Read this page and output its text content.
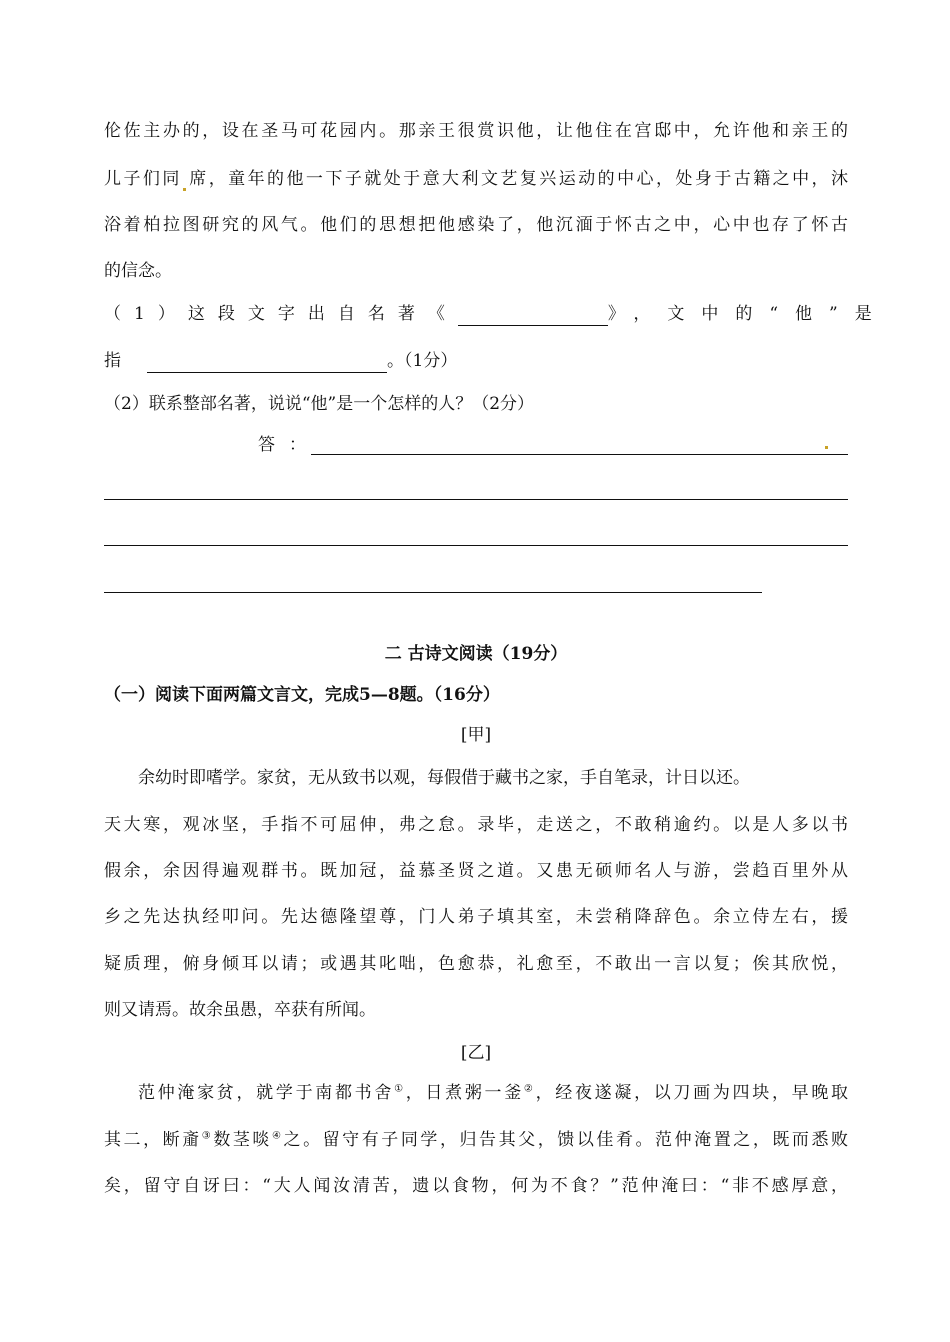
伦佐主办的，设在圣马可花园内。那亲王很赏识他，让他住在宫邸中，允许他和亲王的
儿子们同 席，童年的他一下子就处于意大利文艺复兴运动的中心，处身于古籍之中，沐
浴着柏拉图研究的风气。他们的思想把他感染了，他沉湎于怀古之中，心中也存了怀古
的信念。
（1）这段文字出自名著《	》，文中的“他”是
指	。（1分）
（2）联系整部名著，说说“他”是一个怎样的人？（2分）
答：
二 古诗文阅读（19分）
（一）阅读下面两篇文言文，完成5—8题。（16分）
[甲]
余幼时即嗜学。家贫，无从致书以观，每假借于藏书之家，手自笔录，计日以还。
天大寒，观冰坚，手指不可屈伸，弗之怠。录毕，走送之，不敢稍逾约。以是人多以书
假余，余因得遍观群书。既加冠，益慕圣贤之道。又患无硕师名人与游，尝趋百里外从
乡之先达执经叩问。先达德隆望尊，门人弟子填其室，未尝稍降辞色。余立侍左右，援
疑质理，俯身倾耳以请；或遇其叱咄，色愈恭，礼愈至，不敢出一言以复；俟其欣悦，
则又请焉。故余虽愚，卒获有所闻。
[乙]
范仲淹家贫，就学于南都书舍①，日煮粥一釜②，经夜遂凝，以刀画为四块，早晚取
其二，断齑③数茎啖④之。留守有子同学，归告其父，馈以佳肴。范仲淹置之，既而悉败
矣，留守自讶曰：“大人闻汝清苦，遗以食物，何为不食？”范仲淹曰：“非不感厚意，
